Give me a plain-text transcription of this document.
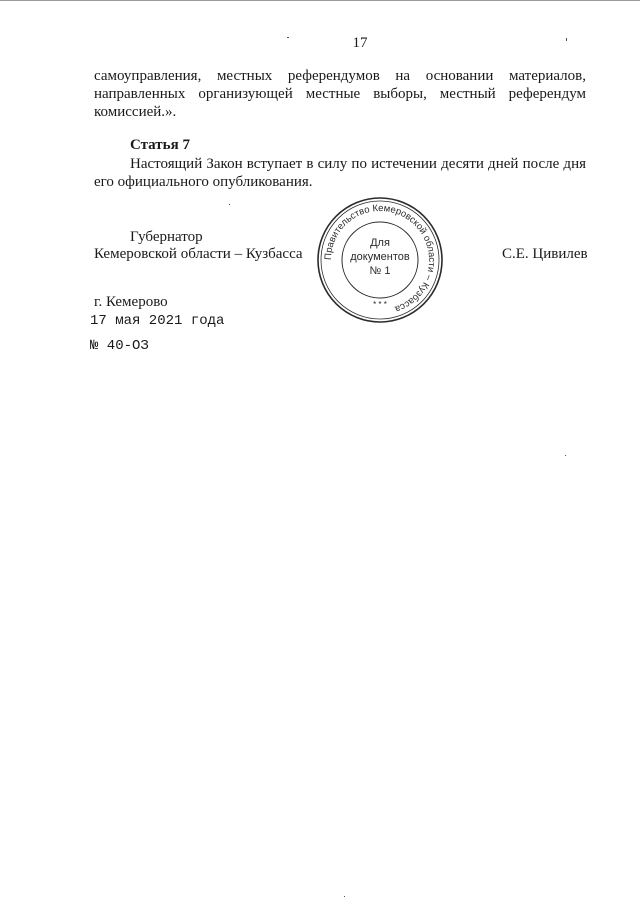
17
самоуправления, местных референдумов на основании материалов, направленных организующей местные выборы, местный референдум комиссией.».
Статья 7
Настоящий Закон вступает в силу по истечении десяти дней после дня его официального опубликования.
Губернатор
Кемеровской области – Кузбасса	С.Е. Цивилев
Правительство Кемеровской области – Кузбасса
* * *
Для
документов
№ 1
г. Кемерово
17 мая 2021 года
№ 40-ОЗ
